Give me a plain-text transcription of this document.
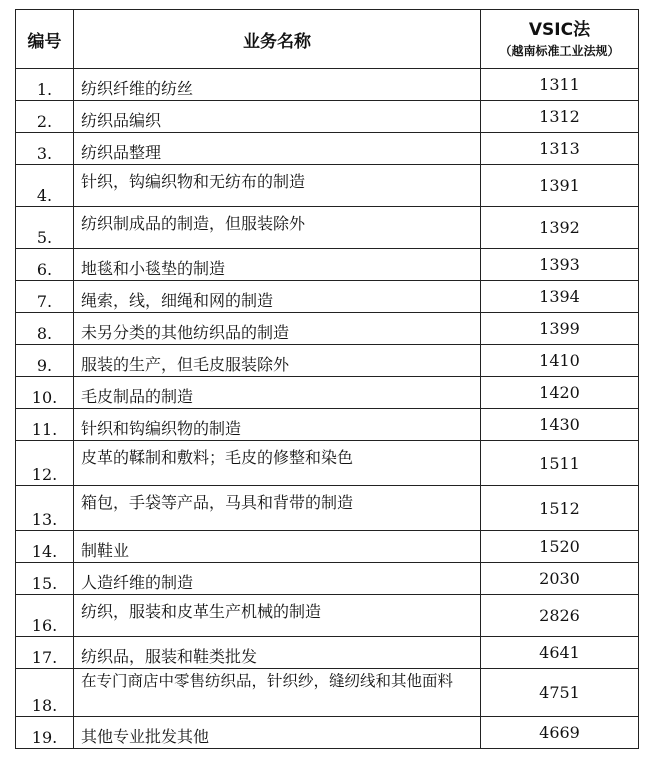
编号	业务名称	VSIC法
（越南标准工业法规）

1.	纺织纤维的纺丝	1311
2.	纺织品编织	1312
3.	纺织品整理	1313
4.	针织，钩编织物和无纺布的制造	1391
5.	纺织制成品的制造，但服装除外	1392
6.	地毯和小毯垫的制造	1393
7.	绳索，线，细绳和网的制造	1394
8.	未另分类的其他纺织品的制造	1399
9.	服装的生产，但毛皮服装除外	1410
10.	毛皮制品的制造	1420
11.	针织和钩编织物的制造	1430
12.	皮革的鞣制和敷料；毛皮的修整和染色	1511
13.	箱包，手袋等产品，马具和背带的制造	1512
14.	制鞋业	1520
15.	人造纤维的制造	2030
16.	纺织，服装和皮革生产机械的制造	2826
17.	纺织品，服装和鞋类批发	4641
18.	在专门商店中零售纺织品，针织纱，缝纫线和其他面料	4751
19.	其他专业批发其他	4669
